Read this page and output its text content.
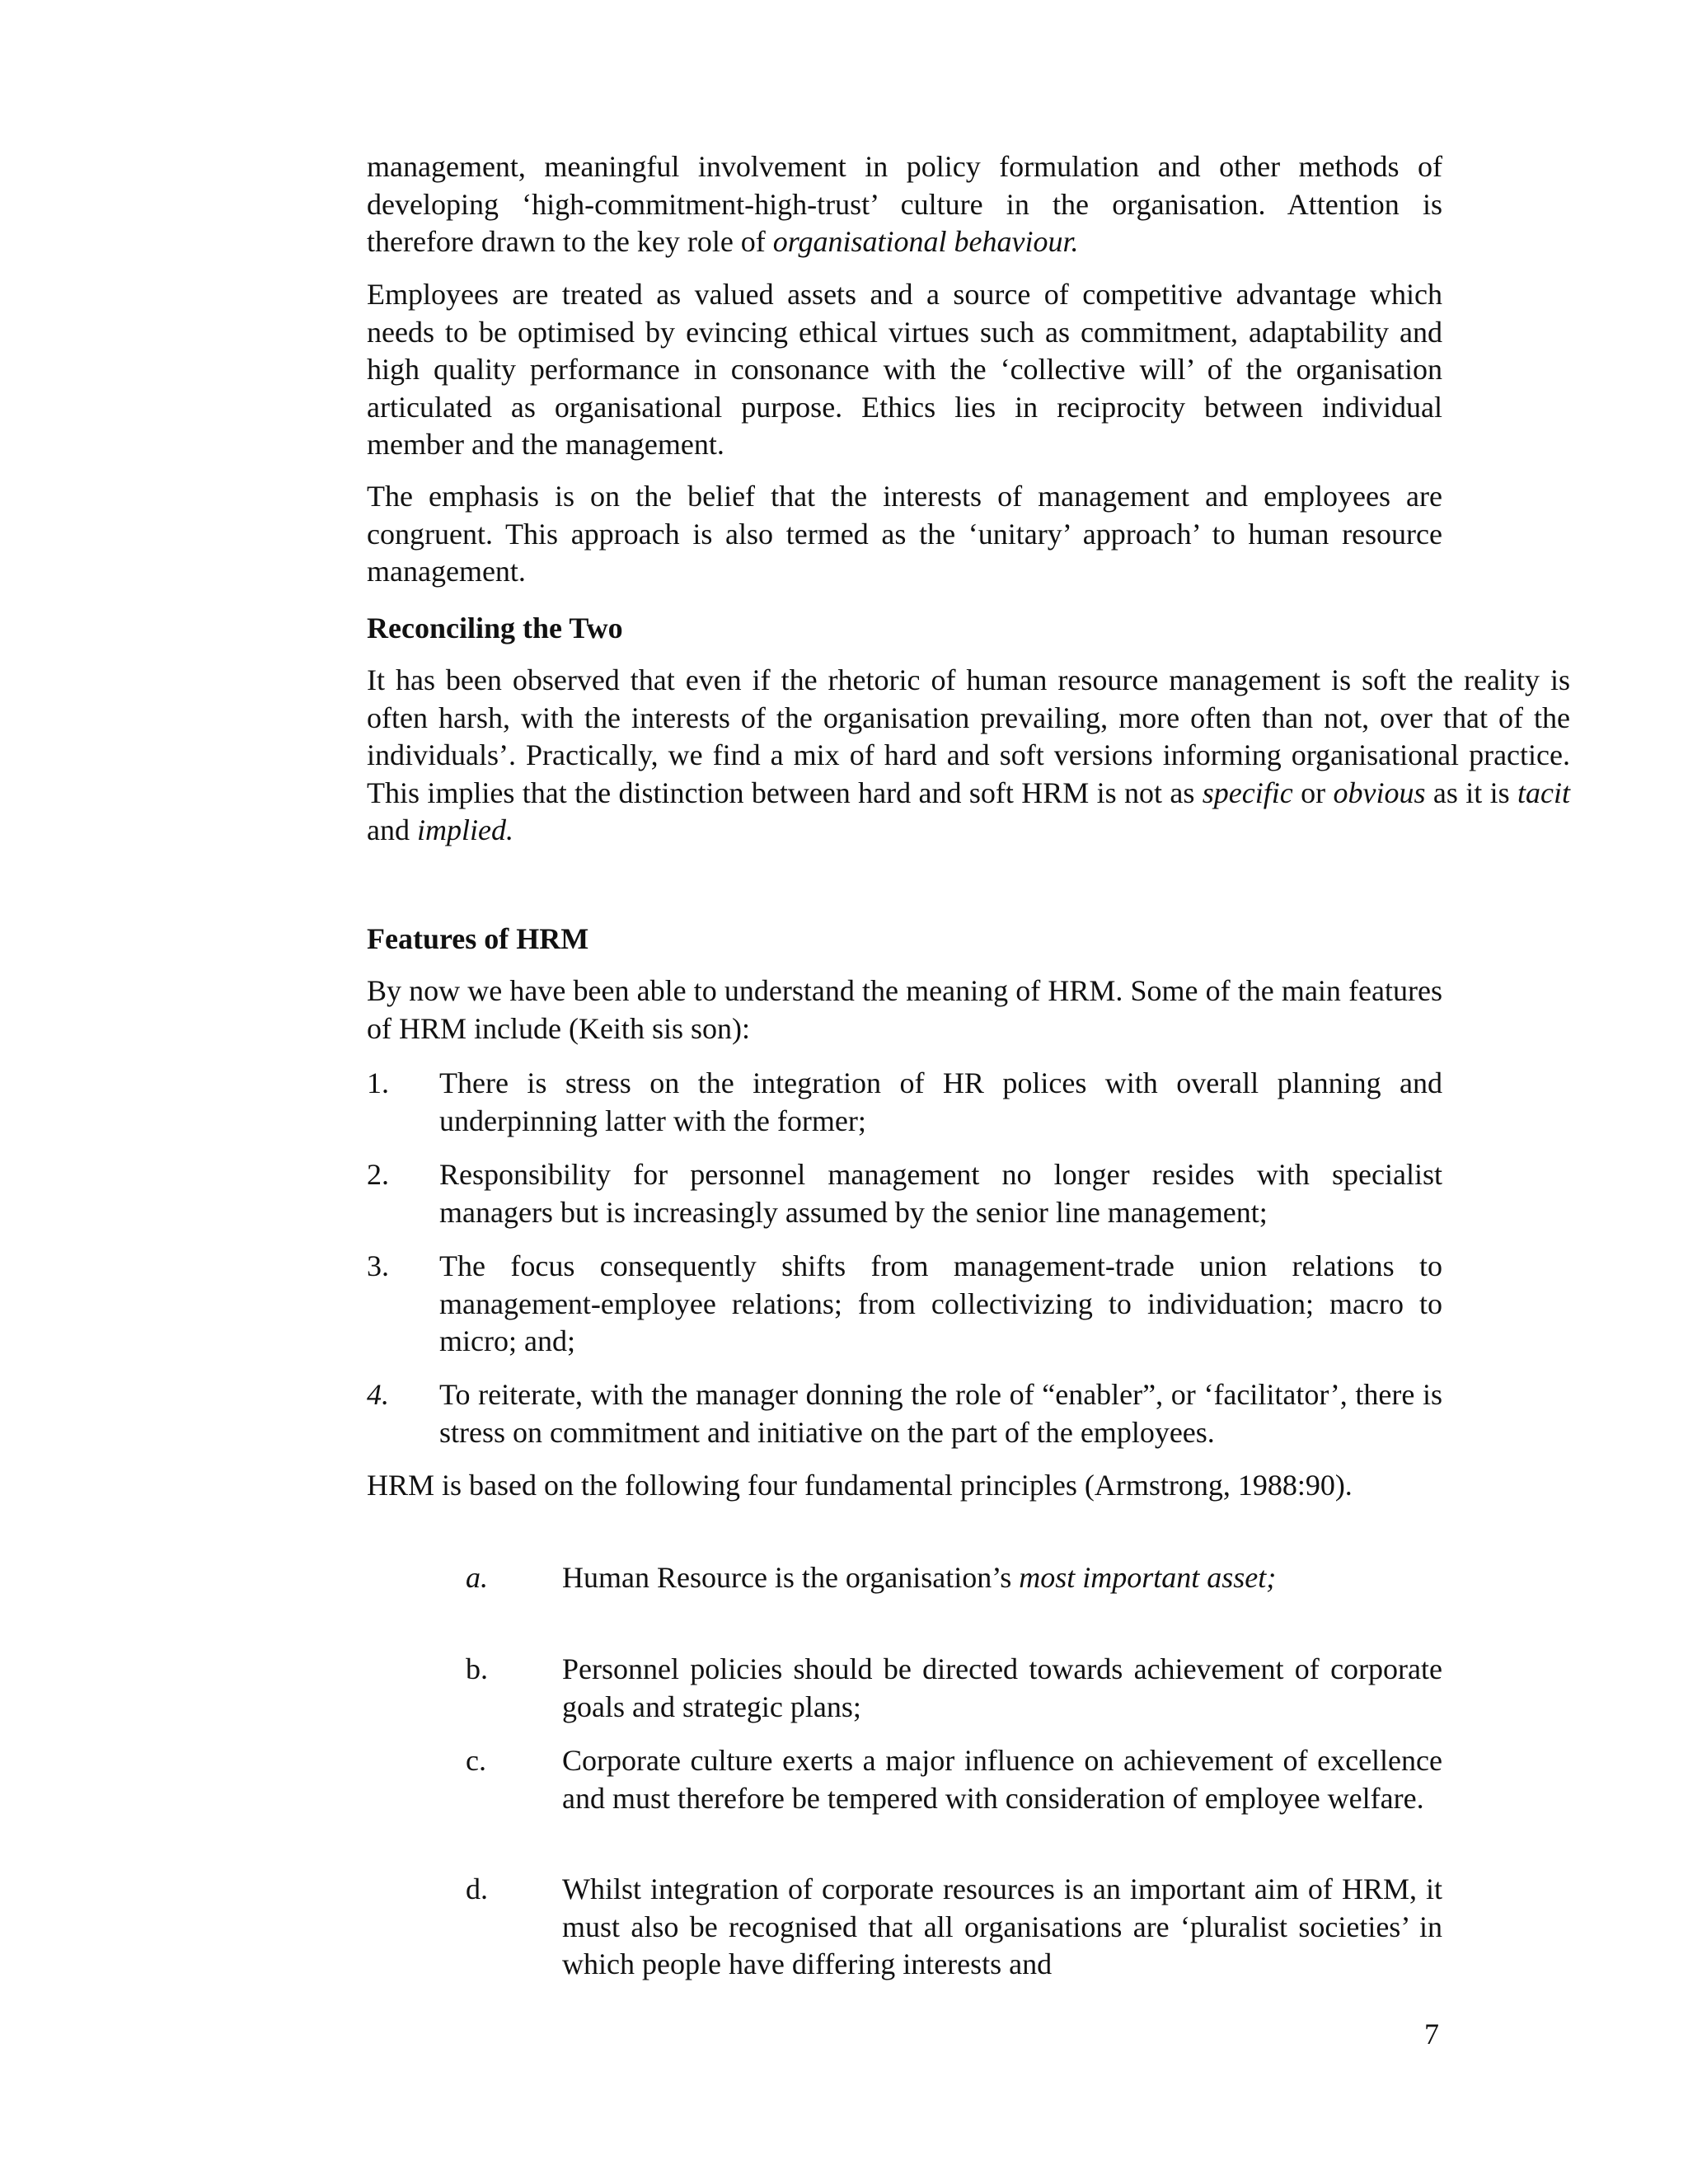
management, meaningful involvement in policy formulation and other methods of developing ‘high-commitment-high-trust’ culture in the organisation. Attention is therefore drawn to the key role of organisational behaviour.

Employees are treated as valued assets and a source of competitive advantage which needs to be optimised by evincing ethical virtues such as commitment, adaptability and high quality performance in consonance with the ‘collective will’ of the organisation articulated as organisational purpose. Ethics lies in reciprocity between individual member and the management.

The emphasis is on the belief that the interests of management and employees are congruent. This approach is also termed as the ‘unitary’ approach’ to human resource management.

Reconciling the Two

It has been observed that even if the rhetoric of human resource management is soft the reality is often harsh, with the interests of the organisation prevailing, more often than not, over that of the individuals’. Practically, we find a mix of hard and soft versions informing organisational practice. This implies that the distinction between hard and soft HRM is not as specific or obvious as it is tacit and implied.

Features of HRM

By now we have been able to understand the meaning of HRM. Some of the main features of HRM include (Keith sis son):

1. There is stress on the integration of HR polices with overall planning and underpinning latter with the former;
2. Responsibility for personnel management no longer resides with specialist managers but is increasingly assumed by the senior line management;
3. The focus consequently shifts from management-trade union relations to management-employee relations; from collectivizing to individuation; macro to micro; and;
4. To reiterate, with the manager donning the role of “enabler”, or ‘facilitator’, there is stress on commitment and initiative on the part of the employees.

HRM is based on the following four fundamental principles (Armstrong, 1988:90).

a.	Human Resource is the organisation’s most important asset;
b.	Personnel policies should be directed towards achievement of corporate goals and strategic plans;
c.	Corporate culture exerts a major influence on achievement of excellence and must therefore be tempered with consideration of employee welfare.
d.	Whilst integration of corporate resources is an important aim of HRM, it must also be recognised that all organisations are ‘pluralist societies’ in which people have differing interests and
7
